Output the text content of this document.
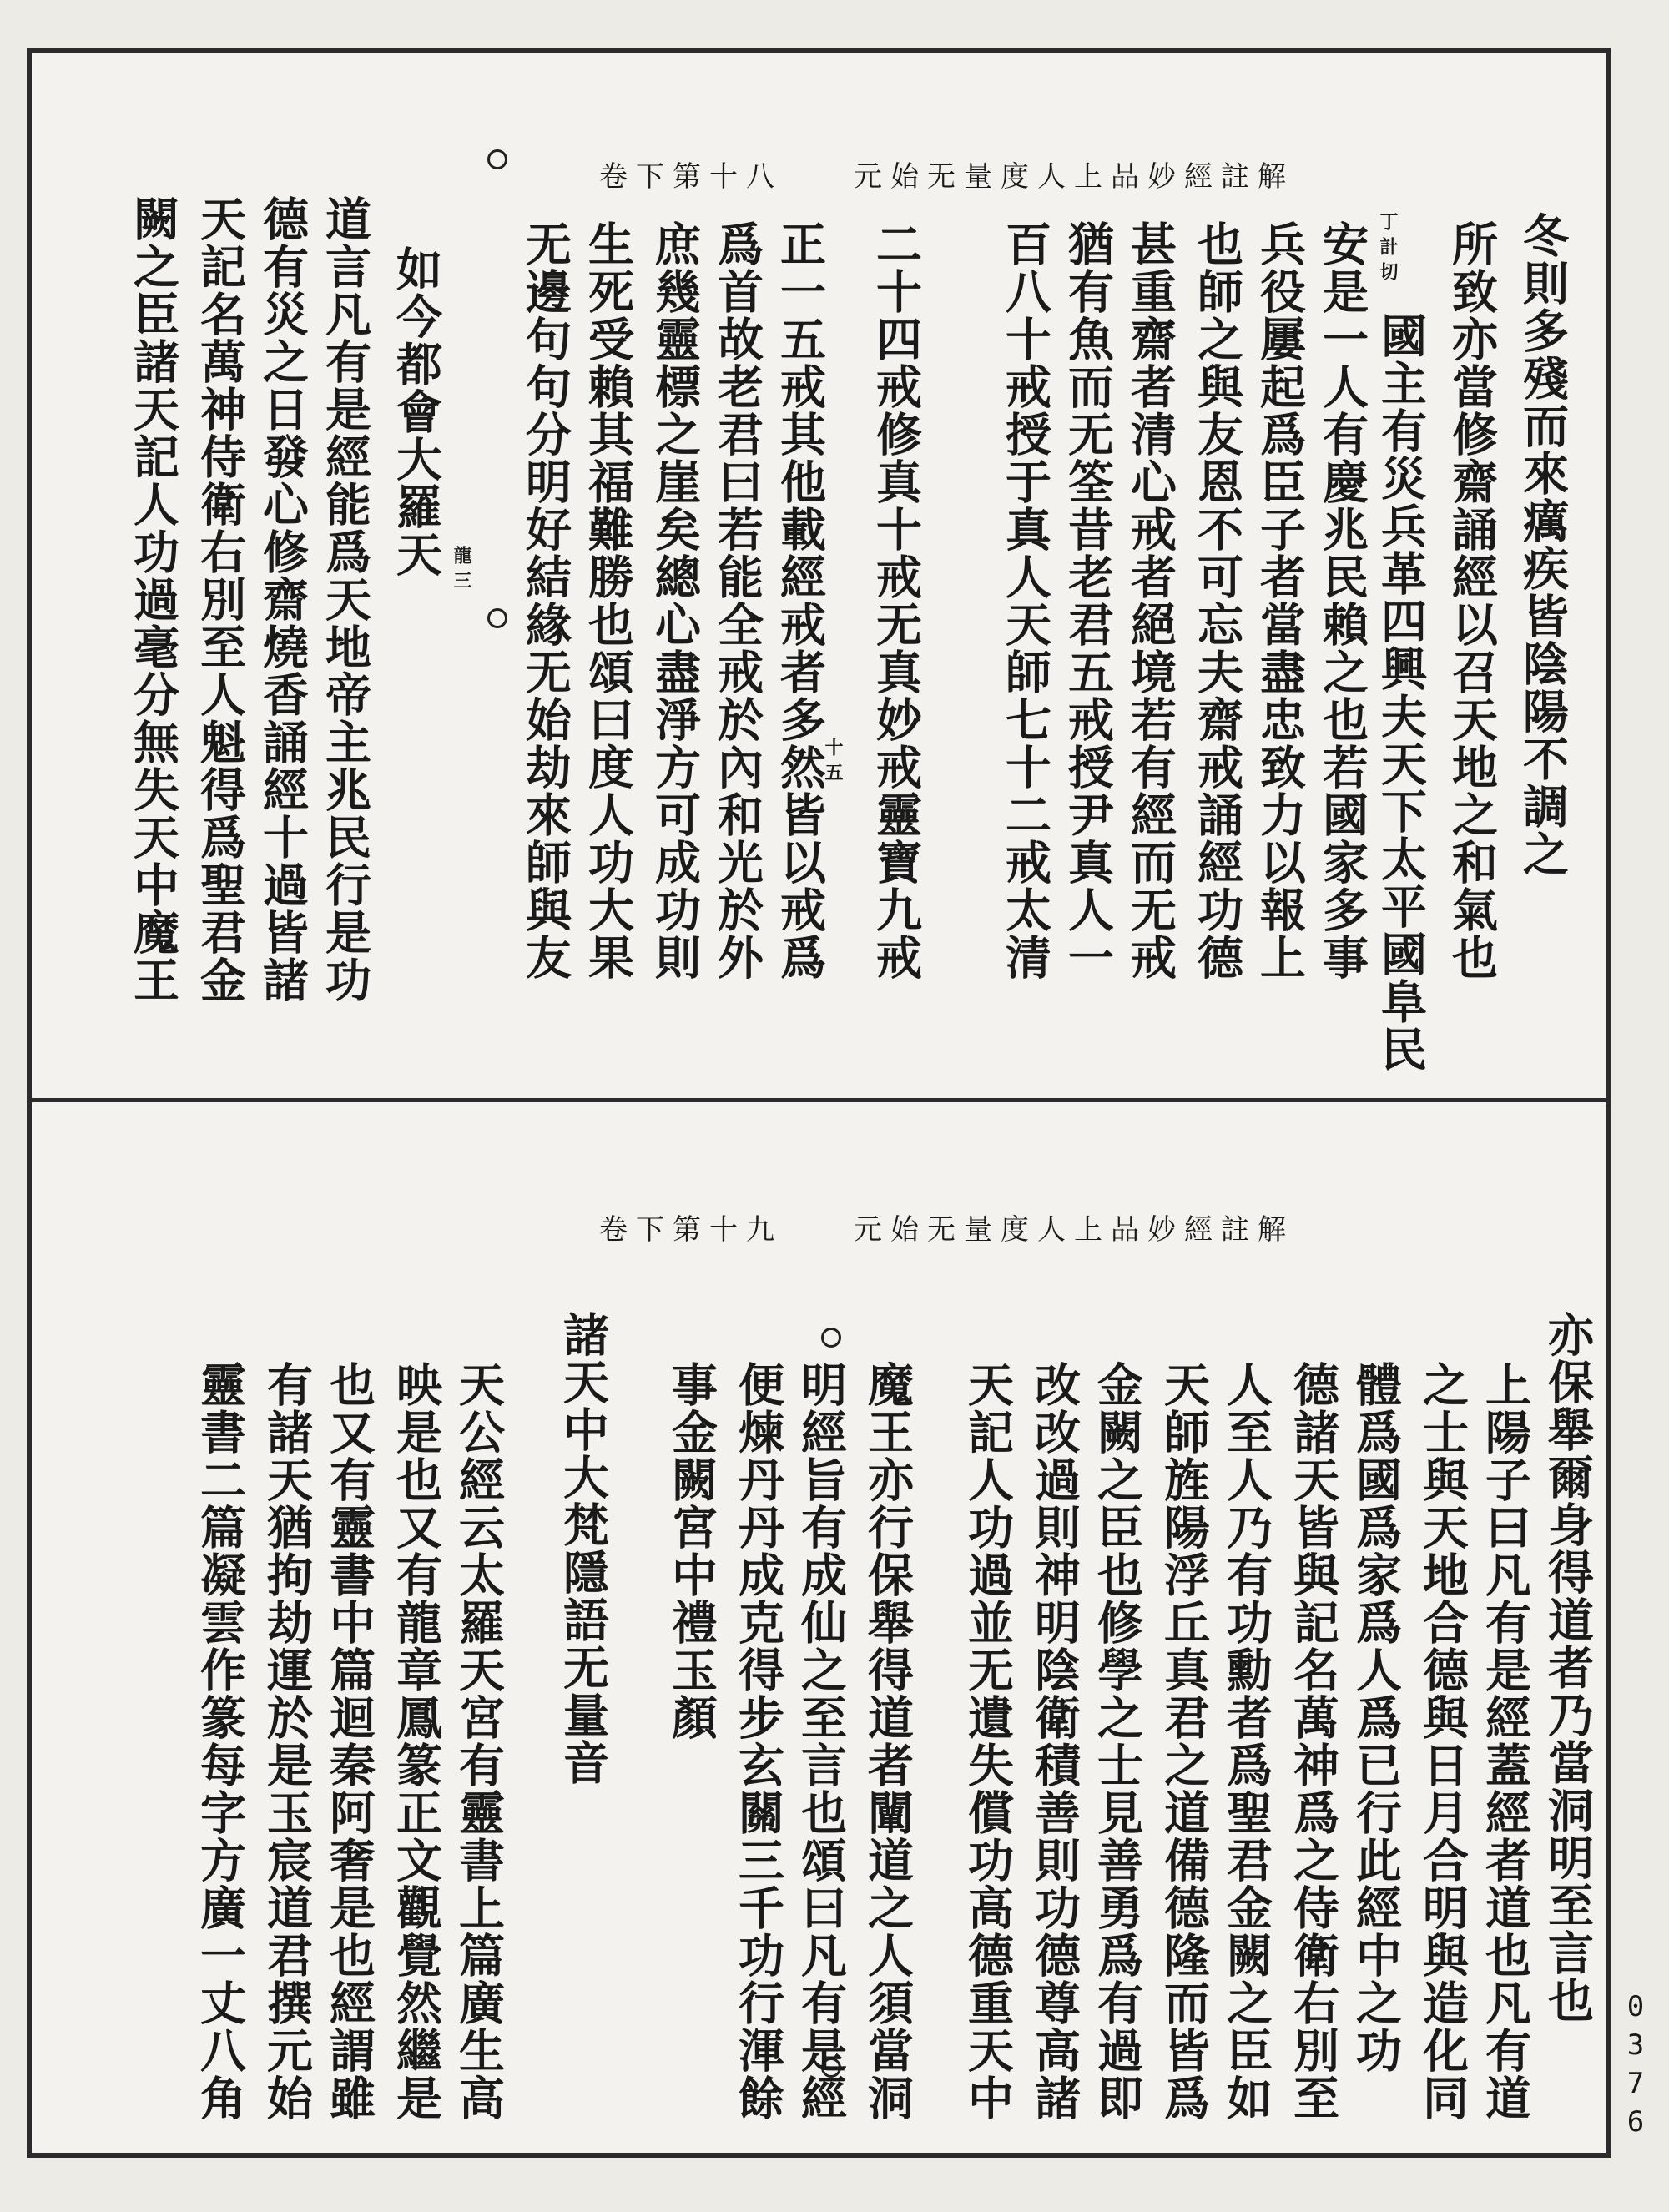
元始无量度人上品妙經註解
卷下第十八
丁計切	冬則多殘而來癘疾皆陰陽不調之
所致亦當修齋誦經以召天地之和氣也
國主有災兵革四興夫天下太平國阜民
安是一人有慶兆民賴之也若國家多事
兵役屢起爲臣子者當盡忠致力以報上
也師之與友恩不可忘夫齋戒誦經功德
甚重齋者清心戒者絕境若有經而无戒
猶有魚而无筌昔老君五戒授尹真人一
百八十戒授于真人天師七十二戒太清
二十四戒修真十戒无真妙戒靈寶九戒
正一五戒其他載經戒者多然皆以戒爲
爲首故老君曰若能全戒於內和光於外
庶幾靈標之崖矣總心盡淨方可成功則
生死受賴其福難勝也頌曰度人功大果
无邊句句分明好結緣无始劫來師與友
如今都會大羅天 龍三
十五
道言凡有是經能爲天地帝主兆民行是功
德有災之日發心修齋燒香誦經十過皆諸
天記名萬神侍衛右別至人魁得爲聖君金
闕之臣諸天記人功過毫分無失天中魔王
元始无量度人上品妙經註解
卷下第十九
亦保舉爾身得道者乃當洞明至言也
上陽子曰凡有是經蓋經者道也凡有道
之士與天地合德與日月合明與造化同
體爲國爲家爲人爲已行此經中之功
德諸天皆與記名萬神爲之侍衛右別至
人至人乃有功勳者爲聖君金闕之臣如
天師旌陽浮丘真君之道備德隆而皆爲
金闕之臣也修學之士見善勇爲有過即
改改過則神明陰衛積善則功德尊高諸
天記人功過並无遺失償功高德重天中
魔王亦行保舉得道者闡道之人須當洞
明經旨有成仙之至言也頌曰凡有是經
便煉丹丹成克得步玄關三千功行渾餘
事金闕宮中禮玉顏
諸天中大梵隱語无量音
天公經云太羅天宮有靈書上篇廣生高
映是也又有龍章鳳篆正文觀覺然繼是
也又有靈書中篇迴秦阿奢是也經謂雖
有諸天猶拘劫運於是玉宸道君撰元始
靈書二篇凝雲作篆每字方廣一丈八角	0376
